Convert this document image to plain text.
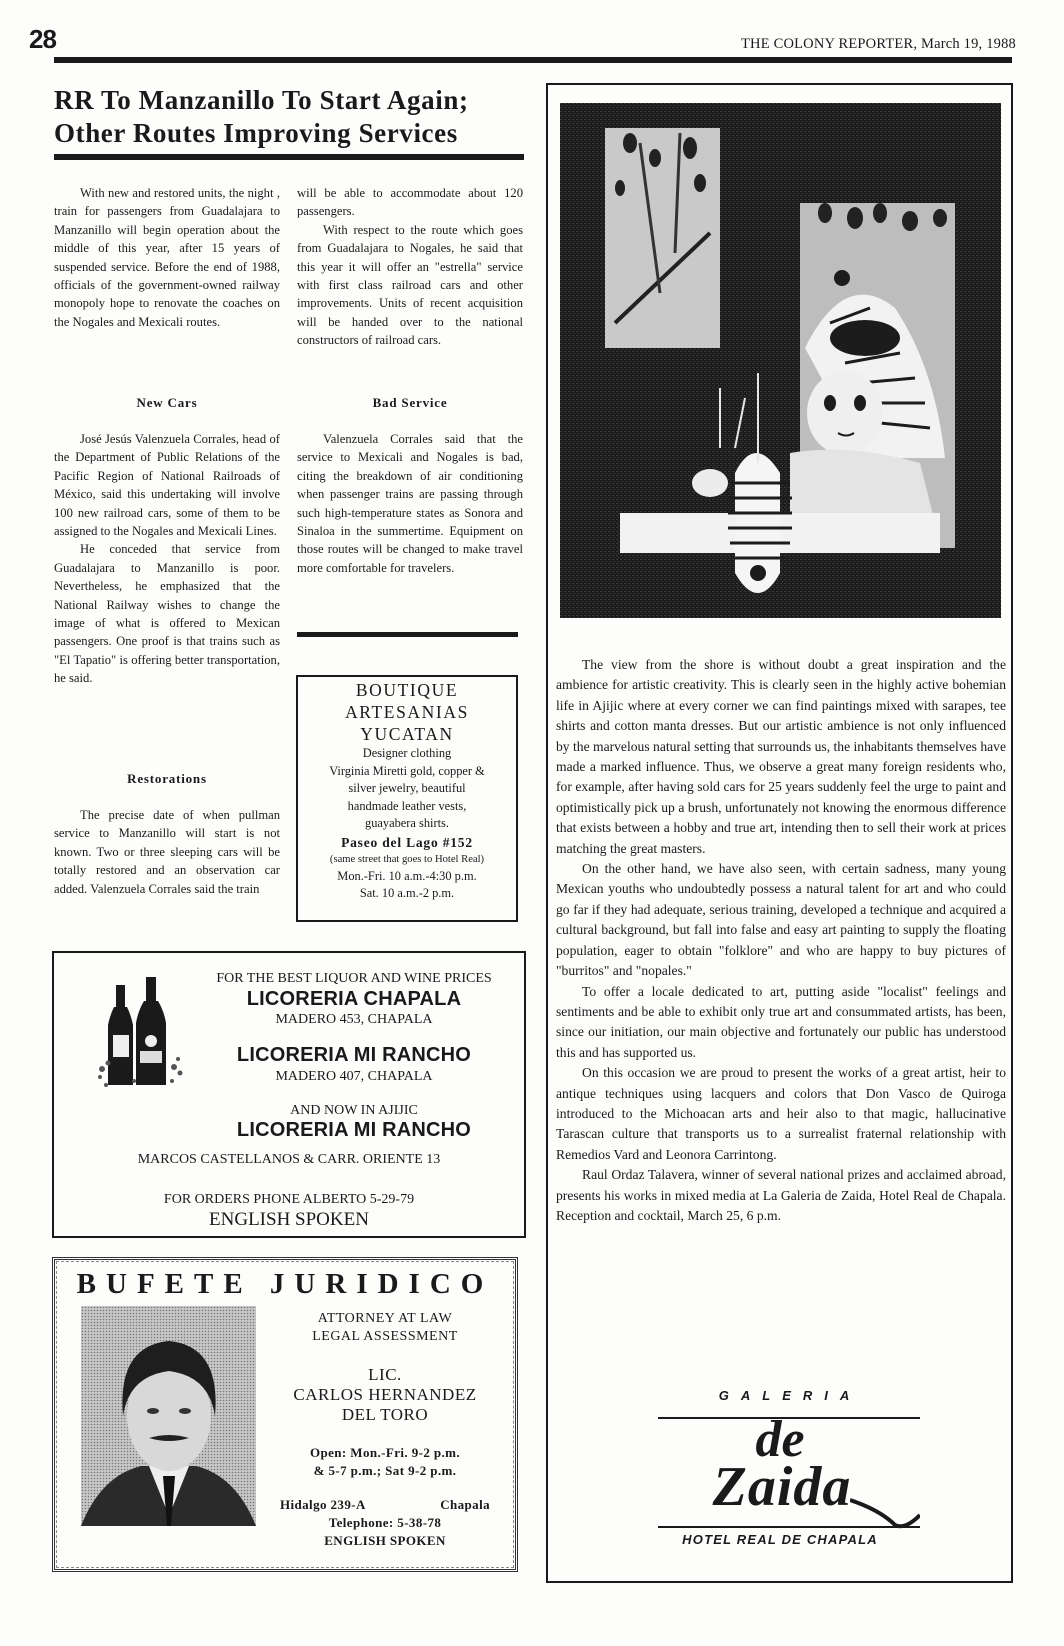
28	THE COLONY REPORTER, March 19, 1988
RR To Manzanillo To Start Again;
Other Routes Improving Services

With new and restored units, the night , train for passengers from Guadalajara to Manzanillo will begin operation about the middle of this year, after 15 years of suspended service. Before the end of 1988, officials of the government-owned railway monopoly hope to renovate the coaches on the Nogales and Mexicali routes.

will be able to accommodate about 120 passengers.

With respect to the route which goes from Guadalajara to Nogales, he said that this year it will offer an "estrella" service with first class railroad cars and other improvements. Units of recent acquisition will be handed over to the national constructors of railroad cars.

New Cars	Bad Service

José Jesús Valenzuela Corrales, head of the Department of Public Relations of the Pacific Region of National Railroads of México, said this undertaking will involve 100 new railroad cars, some of them to be assigned to the Nogales and Mexicali Lines.

He conceded that service from Guadalajara to Manzanillo is poor. Nevertheless, he emphasized that the National Railway wishes to change the image of what is offered to Mexican passengers. One proof is that trains such as "El Tapatio" is offering better transportation, he said.

Valenzuela Corrales said that the service to Mexicali and Nogales is bad, citing the breakdown of air conditioning when passenger trains are passing through such high-temperature states as Sonora and Sinaloa in the summertime. Equipment on those routes will be changed to make travel more comfortable for travelers.

Restorations

The precise date of when pullman service to Manzanillo will start is not known. Two or three sleeping cars will be totally restored and an observation car added. Valenzuela Corrales said the train

BOUTIQUE
ARTESANIAS
YUCATAN
Designer clothing
Virginia Miretti gold, copper &
silver jewelry, beautiful
handmade leather vests,
guayabera shirts.
Paseo del Lago #152
(same street that goes to Hotel Real)
Mon.-Fri. 10 a.m.-4:30 p.m.
Sat. 10 a.m.-2 p.m.
FOR THE BEST LIQUOR AND WINE PRICES
LICORERIA CHAPALA
MADERO 453, CHAPALA
LICORERIA MI RANCHO
MADERO 407, CHAPALA
AND NOW IN AJIJIC
LICORERIA MI RANCHO
MARCOS CASTELLANOS & CARR. ORIENTE 13
FOR ORDERS PHONE ALBERTO 5-29-79
ENGLISH SPOKEN
BUFETE JURIDICO
ATTORNEY AT LAW
LEGAL ASSESSMENT
LIC.
CARLOS HERNANDEZ
DEL TORO
Open: Mon.-Fri. 9-2 p.m.
& 5-7 p.m.; Sat 9-2 p.m.
Hidalgo 239-A	Chapala
Telephone: 5-38-78
ENGLISH SPOKEN

The view from the shore is without doubt a great inspiration and the ambience for artistic creativity. This is clearly seen in the highly active bohemian life in Ajijic where at every corner we can find paintings mixed with sarapes, tee shirts and cotton manta dresses. But our artistic ambience is not only influenced by the marvelous natural setting that surrounds us, the inhabitants themselves have made a marked influence. Thus, we observe a great many foreign residents who, for example, after having sold cars for 25 years suddenly feel the urge to paint and optimistically pick up a brush, unfortunately not knowing the enormous difference that exists between a hobby and true art, intending then to sell their work at prices matching the great masters.

On the other hand, we have also seen, with certain sadness, many young Mexican youths who undoubtedly possess a natural talent for art and who could go far if they had adequate, serious training, developed a technique and acquired a cultural background, but fall into false and easy art painting to supply the floating population, eager to obtain "folklore" and who are happy to buy pictures of "burritos" and "nopales."

To offer a locale dedicated to art, putting aside "localist" feelings and sentiments and be able to exhibit only true art and consummated artists, has been, since our initiation, our main objective and fortunately our public has understood this and has supported us.

On this occasion we are proud to present the works of a great artist, heir to antique techniques using lacquers and colors that Don Vasco de Quiroga introduced to the Michoacan arts and heir also to that magic, hallucinative Tarascan culture that transports us to a surrealist fraternal relationship with Remedios Vard and Leonora Carrintong.

Raul Ordaz Talavera, winner of several national prizes and acclaimed abroad, presents his works in mixed media at La Galeria de Zaida, Hotel Real de Chapala. Reception and cocktail, March 25, 6 p.m.

GALERIA
de
Zaida
HOTEL REAL DE CHAPALA
